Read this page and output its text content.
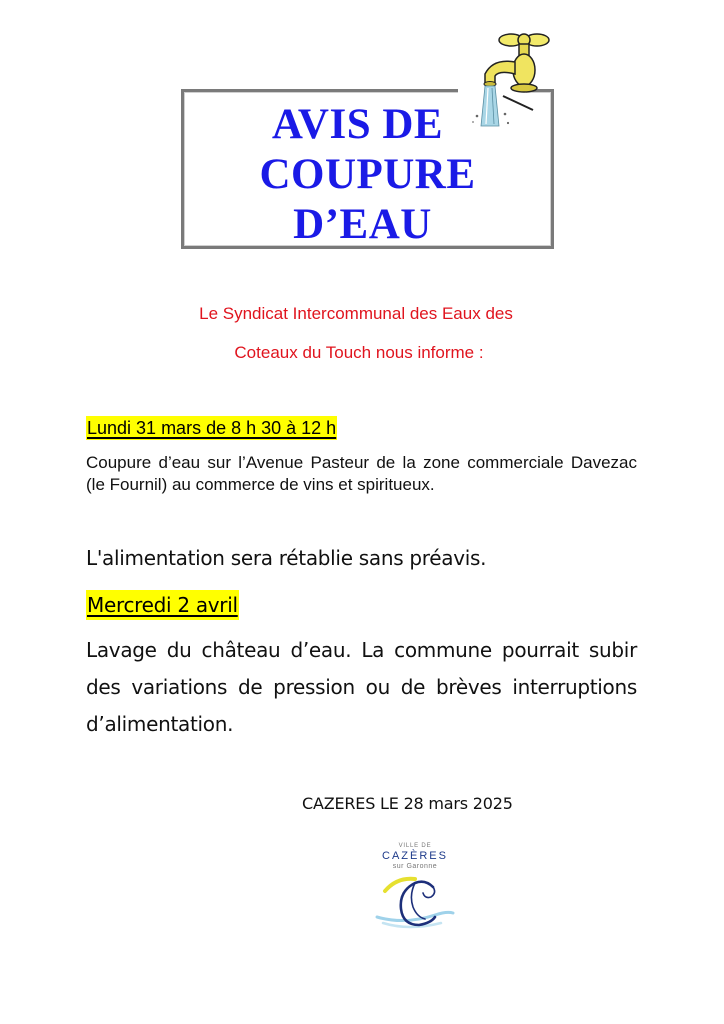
AVIS DE
COUPURE
D’EAU
Le Syndicat Intercommunal des Eaux des
Coteaux du Touch nous informe :
Lundi 31 mars de 8 h 30 à 12 h
Coupure d’eau sur l’Avenue Pasteur de la zone commerciale Davezac (le Fournil) au commerce de vins et spiritueux.
L'alimentation sera rétablie sans préavis.
Mercredi 2 avril
Lavage du château d’eau. La commune pourrait subir des variations de pression ou de brèves interruptions d’alimentation.
CAZERES LE 28 mars 2025
VILLE DE
CAZÈRES
sur Garonne
